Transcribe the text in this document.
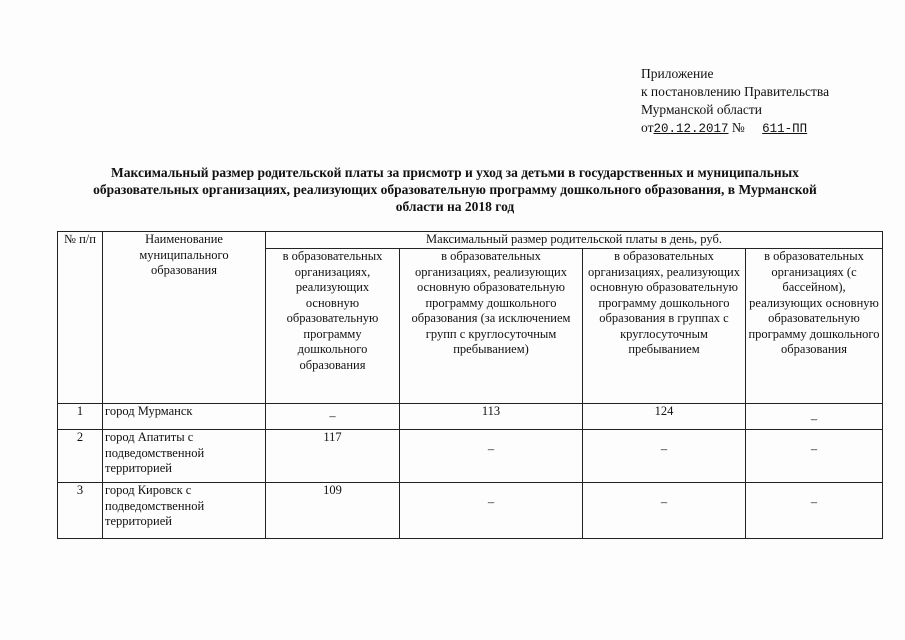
Приложение
к постановлению Правительства
Мурманской области
от20.12.2017 № 611-ПП
Максимальный размер родительской платы за присмотр и уход за детьми в государственных и муниципальных образовательных организациях, реализующих образовательную программу дошкольного образования, в Мурманской области на 2018 год
№ п/п	Наименование муниципального образования	Максимальный размер родительской платы в день, руб.			
		в образовательных организациях, реализующих основную образовательную программу дошкольного образования	в образовательных организациях, реализующих основную образовательную программу дошкольного образования (за исключением групп с круглосуточным пребыванием)	в образовательных организациях, реализующих основную образовательную программу дошкольного образования в группах с круглосуточным пребыванием	в образовательных организациях (с бассейном), реализующих основную образовательную программу дошкольного образования
1	город Мурманск	–	113	124	–
2	город Апатиты с подведомственной территорией	117	–	–	–
3	город Кировск с подведомственной территорией	109	–	–	–
